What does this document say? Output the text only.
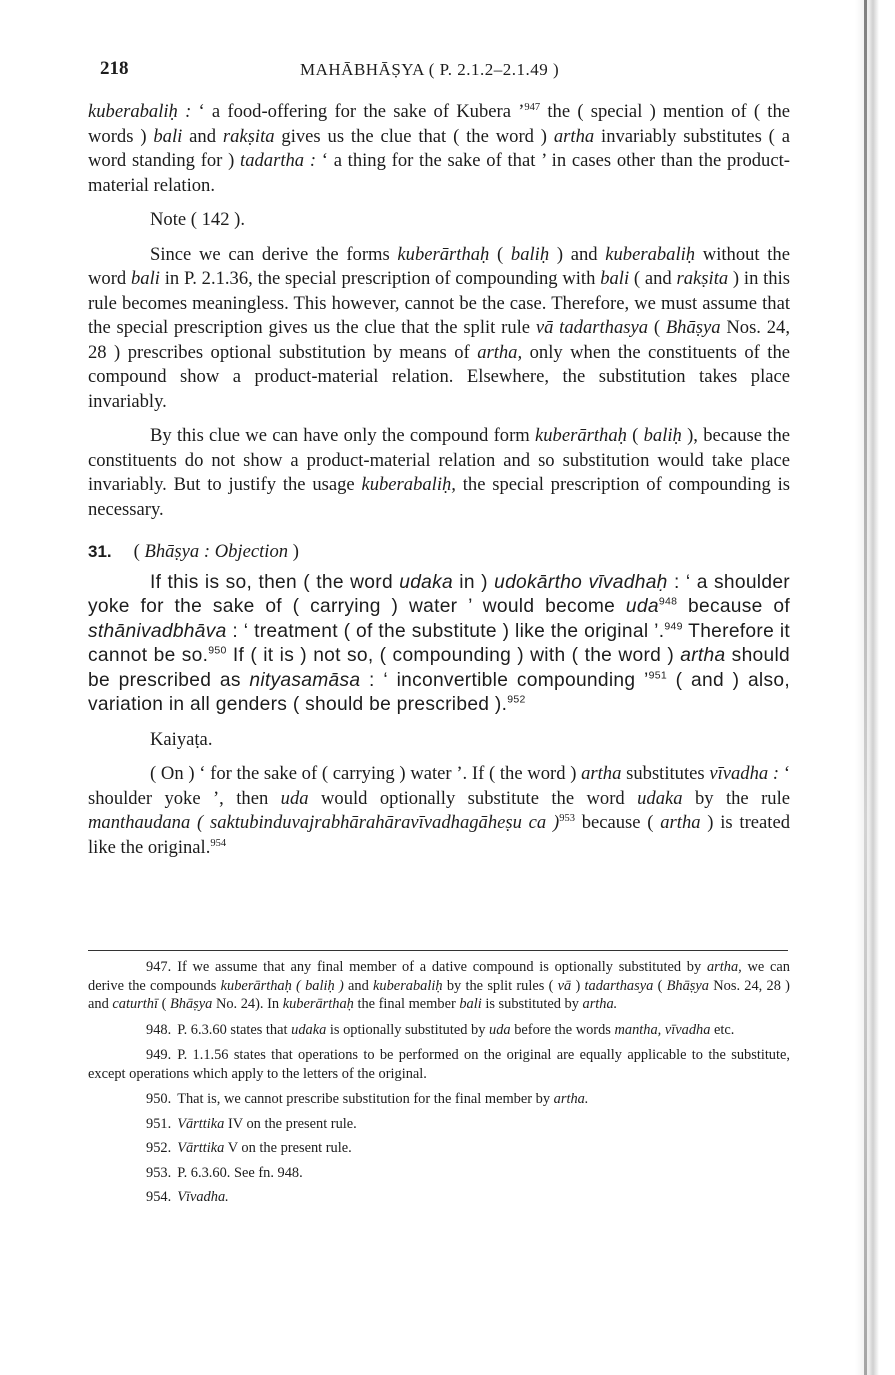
218	MAHĀBHĀṢYA ( P. 2.1.2–2.1.49 )

kuberabaliḥ : ‘ a food-offering for the sake of Kubera ’$^{947}$ the ( special ) mention of ( the words ) bali and rakṣita gives us the clue that ( the word ) artha invariably substitutes ( a word standing for ) tadartha : ‘ a thing for the sake of that ’ in cases other than the product-material relation.

Note ( 142 ).

Since we can derive the forms kuberārthaḥ ( baliḥ ) and kuberabaliḥ without the word bali in P. 2.1.36, the special prescription of compounding with bali ( and rakṣita ) in this rule becomes meaningless. This however, cannot be the case. Therefore, we must assume that the special prescription gives us the clue that the split rule vā tadarthasya ( Bhāṣya Nos. 24, 28 ) prescribes optional substitution by means of artha, only when the constituents of the compound show a product-material relation. Elsewhere, the substitution takes place invariably.

By this clue we can have only the compound form kuberārthaḥ ( baliḥ ), because the constituents do not show a product-material relation and so substitution would take place invariably. But to justify the usage kuberabaliḥ, the special prescription of compounding is necessary.

31. ( Bhāṣya : Objection )

If this is so, then ( the word udaka in ) udokārtho vīvadhaḥ : ‘ a shoulder yoke for the sake of ( carrying ) water ’ would become uda$^{948}$ because of sthānivadbhāva : ‘ treatment ( of the substitute ) like the original ’.$^{949}$ Therefore it cannot be so.$^{950}$ If ( it is ) not so, ( compounding ) with ( the word ) artha should be prescribed as nityasamāsa : ‘ inconvertible compounding ’$^{951}$ ( and ) also, variation in all genders ( should be prescribed ).$^{952}$

Kaiyaṭa.

( On ) ‘ for the sake of ( carrying ) water ’. If ( the word ) artha substitutes vīvadha : ‘ shoulder yoke ’, then uda would optionally substitute the word udaka by the rule manthaudana ( saktubinduvajrabhārahāravīvadhagāheṣu ca )$^{953}$ because ( artha ) is treated like the original.$^{954}$

947. If we assume that any final member of a dative compound is optionally substituted by artha, we can derive the compounds kuberārthaḥ ( baliḥ ) and kuberabaliḥ by the split rules ( vā ) tadarthasya ( Bhāṣya Nos. 24, 28 ) and caturthī ( Bhāṣya No. 24). In kuberārthaḥ the final member bali is substituted by artha.

948. P. 6.3.60 states that udaka is optionally substituted by uda before the words mantha, vīvadha etc.

949. P. 1.1.56 states that operations to be performed on the original are equally applicable to the substitute, except operations which apply to the letters of the original.

950. That is, we cannot prescribe substitution for the final member by artha.

951. Vārttika IV on the present rule.

952. Vārttika V on the present rule.

953. P. 6.3.60. See fn. 948.

954. Vīvadha.
